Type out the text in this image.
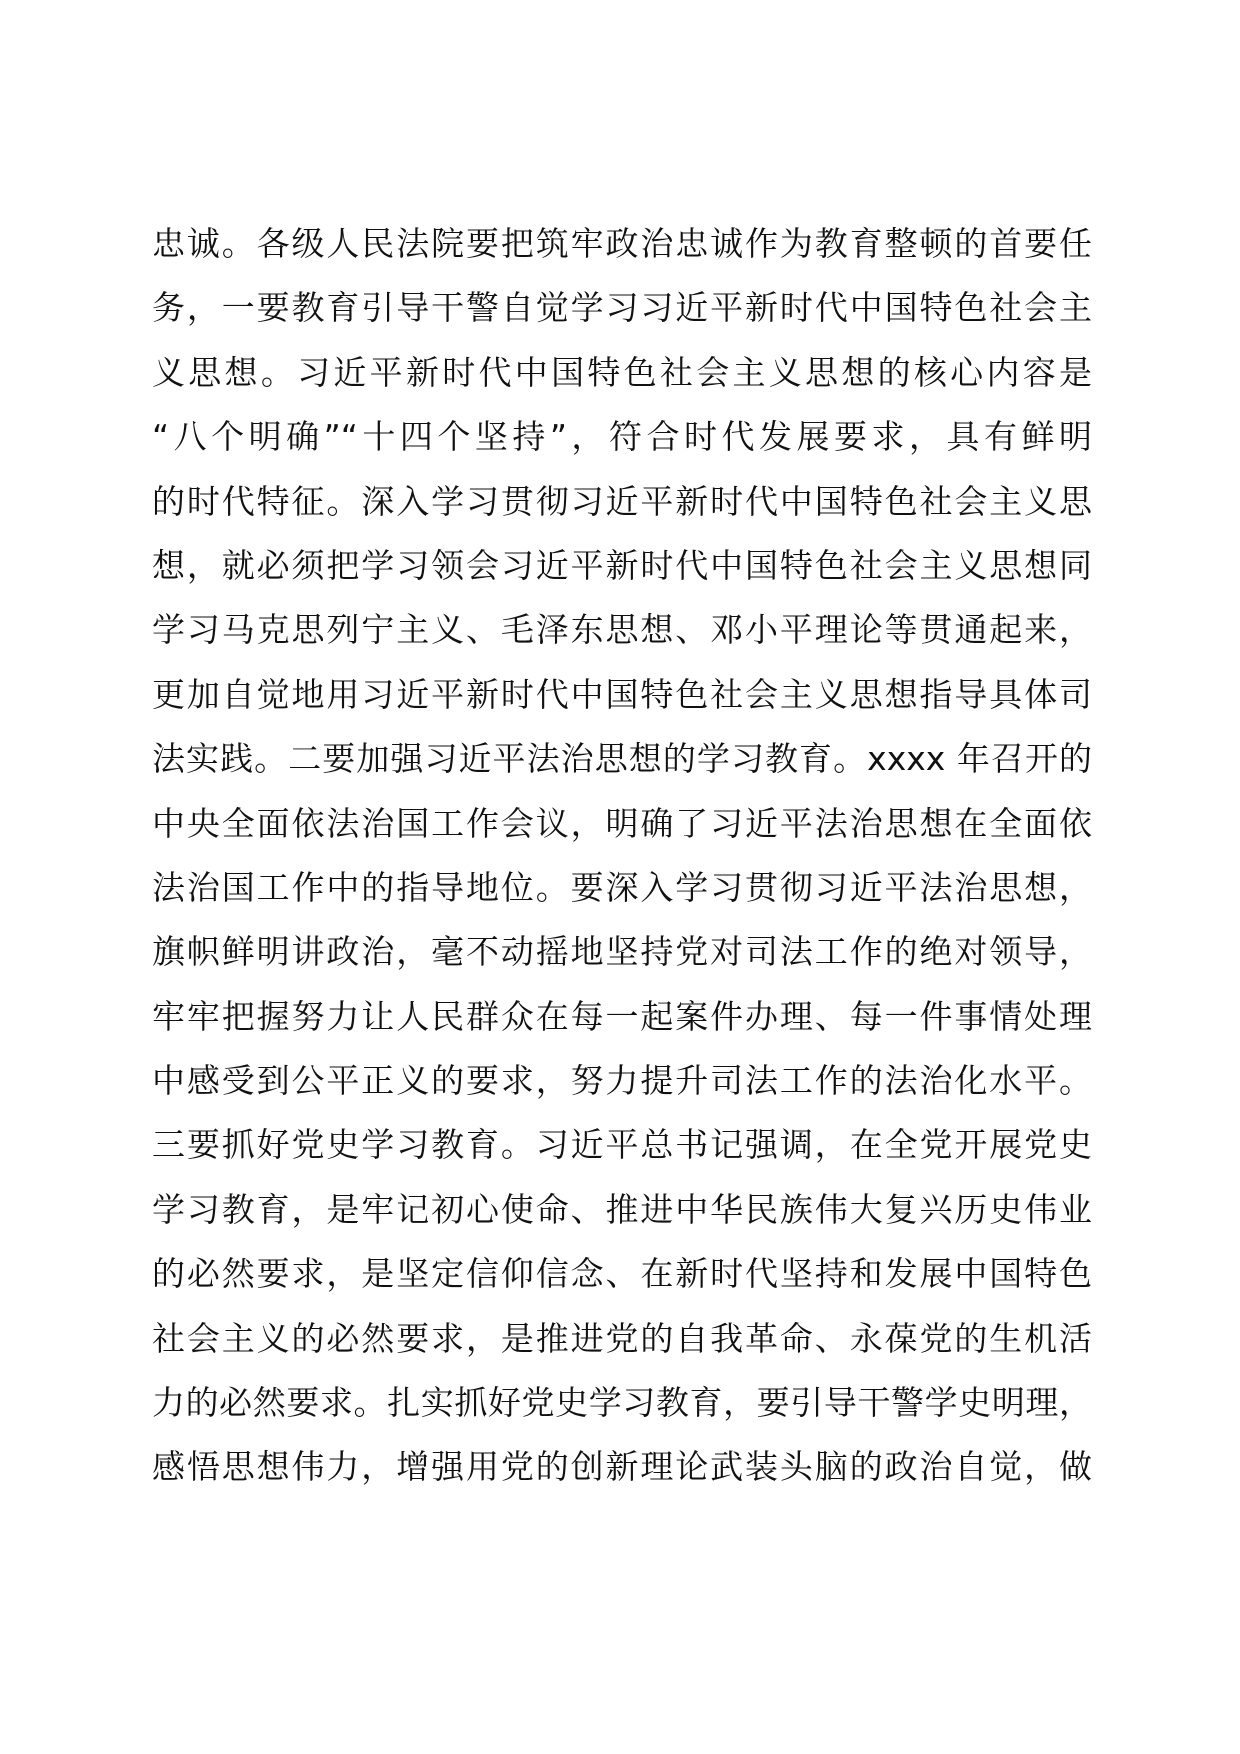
忠诚。各级人民法院要把筑牢政治忠诚作为教育整顿的首要任
务，一要教育引导干警自觉学习习近平新时代中国特色社会主
义思想。习近平新时代中国特色社会主义思想的核心内容是
“八个明确”“十四个坚持”，符合时代发展要求，具有鲜明
的时代特征。深入学习贯彻习近平新时代中国特色社会主义思
想，就必须把学习领会习近平新时代中国特色社会主义思想同
学习马克思列宁主义、毛泽东思想、邓小平理论等贯通起来，
更加自觉地用习近平新时代中国特色社会主义思想指导具体司
法实践。二要加强习近平法治思想的学习教育。xxxx 年召开的
中央全面依法治国工作会议，明确了习近平法治思想在全面依
法治国工作中的指导地位。要深入学习贯彻习近平法治思想，
旗帜鲜明讲政治，毫不动摇地坚持党对司法工作的绝对领导，
牢牢把握努力让人民群众在每一起案件办理、每一件事情处理
中感受到公平正义的要求，努力提升司法工作的法治化水平。
三要抓好党史学习教育。习近平总书记强调，在全党开展党史
学习教育，是牢记初心使命、推进中华民族伟大复兴历史伟业
的必然要求，是坚定信仰信念、在新时代坚持和发展中国特色
社会主义的必然要求，是推进党的自我革命、永葆党的生机活
力的必然要求。扎实抓好党史学习教育，要引导干警学史明理，
感悟思想伟力，增强用党的创新理论武装头脑的政治自觉，做
